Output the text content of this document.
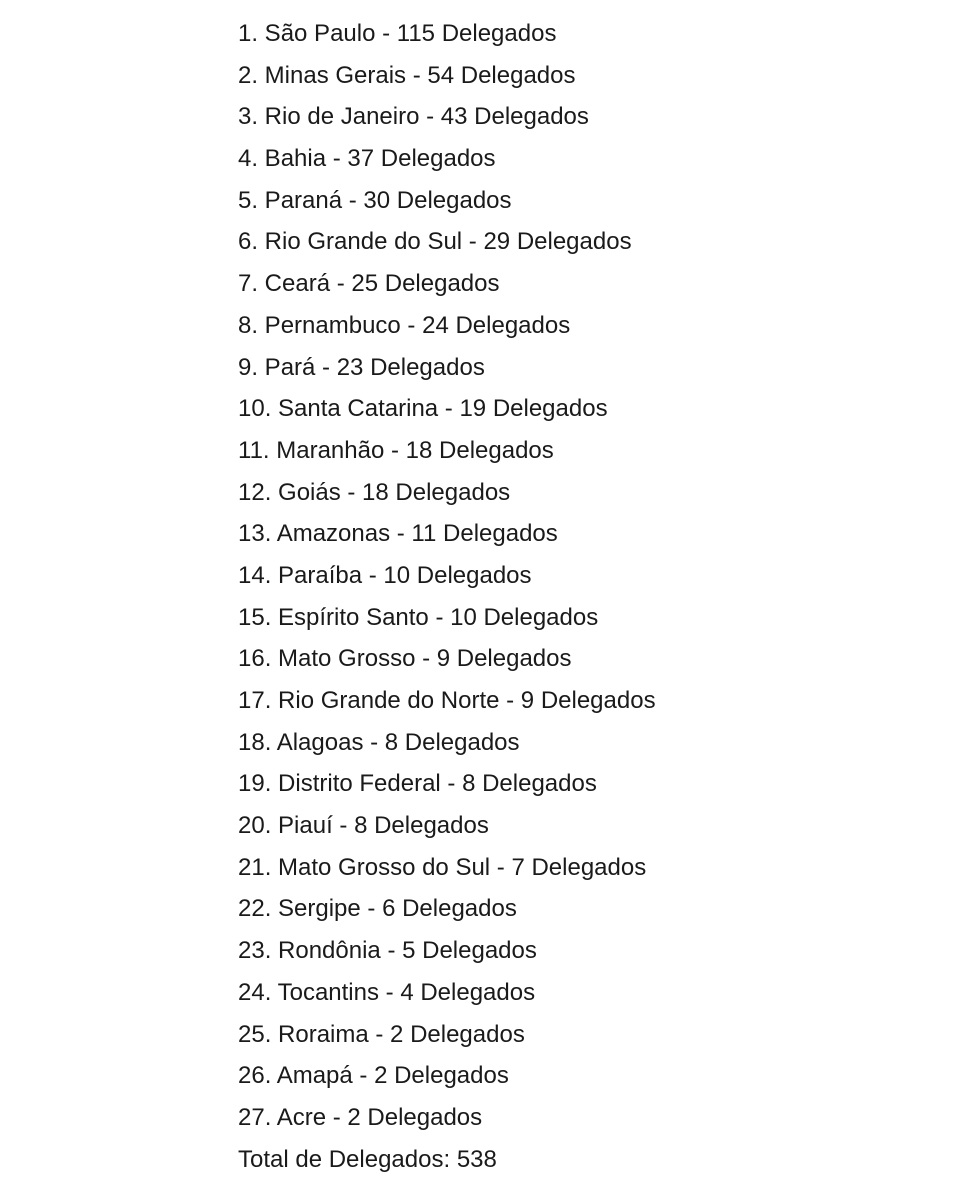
1. São Paulo - 115 Delegados

2. Minas Gerais - 54 Delegados

3. Rio de Janeiro - 43 Delegados

4. Bahia - 37 Delegados

5. Paraná - 30 Delegados

6. Rio Grande do Sul - 29 Delegados

7. Ceará - 25 Delegados

8. Pernambuco - 24 Delegados

9. Pará - 23 Delegados

10. Santa Catarina - 19 Delegados

11. Maranhão - 18 Delegados

12. Goiás - 18 Delegados

13. Amazonas - 11 Delegados

14. Paraíba - 10 Delegados

15. Espírito Santo - 10 Delegados

16. Mato Grosso - 9 Delegados

17. Rio Grande do Norte - 9 Delegados

18. Alagoas - 8 Delegados

19. Distrito Federal - 8 Delegados

20. Piauí - 8 Delegados

21. Mato Grosso do Sul - 7 Delegados

22. Sergipe - 6 Delegados

23. Rondônia - 5 Delegados

24. Tocantins - 4 Delegados

25. Roraima - 2 Delegados

26. Amapá - 2 Delegados

27. Acre - 2 Delegados

Total de Delegados: 538
